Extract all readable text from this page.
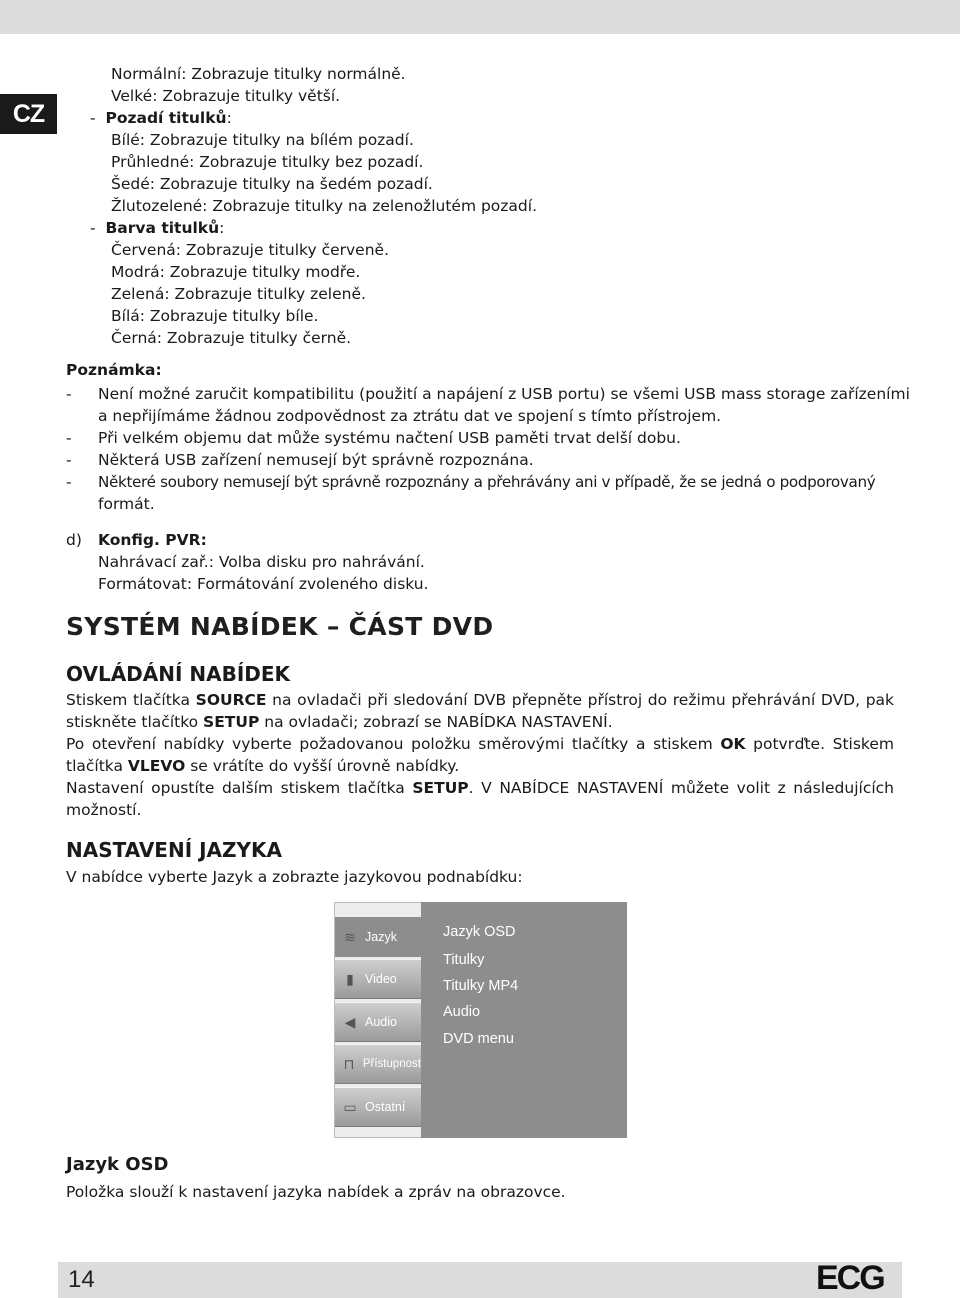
CZ
Normální: Zobrazuje titulky normálně.
Velké: Zobrazuje titulky větší.
- Pozadí titulků:
Bílé: Zobrazuje titulky na bílém pozadí.
Průhledné: Zobrazuje titulky bez pozadí.
Šedé: Zobrazuje titulky na šedém pozadí.
Žlutozelené: Zobrazuje titulky na zelenožlutém pozadí.
- Barva titulků:
Červená: Zobrazuje titulky červeně.
Modrá: Zobrazuje titulky modře.
Zelená: Zobrazuje titulky zeleně.
Bílá: Zobrazuje titulky bíle.
Černá: Zobrazuje titulky černě.
Poznámka:
- Není možné zaručit kompatibilitu (použití a napájení z USB portu) se všemi USB mass storage zařízeními
a nepřijímáme žádnou zodpovědnost za ztrátu dat ve spojení s tímto přístrojem.
- Při velkém objemu dat může systému načtení USB paměti trvat delší dobu.
- Některá USB zařízení nemusejí být správně rozpoznána.
- Některé soubory nemusejí být správně rozpoznány a přehrávány ani v případě, že se jedná o podporovaný
formát.
d) Konfig. PVR:
Nahrávací zař.: Volba disku pro nahrávání.
Formátovat: Formátování zvoleného disku.
SYSTÉM NABÍDEK – ČÁST DVD
OVLÁDÁNÍ NABÍDEK
Stiskem tlačítka SOURCE na ovladači při sledování DVB přepněte přístroj do režimu přehrávání DVD, pak stiskněte tlačítko SETUP na ovladači; zobrazí se NABÍDKA NASTAVENÍ.
Po otevření nabídky vyberte požadovanou položku směrovými tlačítky a stiskem OK potvrďte. Stiskem tlačítka VLEVO se vrátíte do vyšší úrovně nabídky.
Nastavení opustíte dalším stiskem tlačítka SETUP. V NABÍDCE NASTAVENÍ můžete volit z následujících možností.
NASTAVENÍ JAZYKA
V nabídce vyberte Jazyk a zobrazte jazykovou podnabídku:
≋ Jazyk
▮ Video
◀ Audio
⊓ Přístupnost
▭ Ostatní
Jazyk OSD
Titulky
Titulky MP4
Audio
DVD menu
Jazyk OSD
Položka slouží k nastavení jazyka nabídek a zpráv na obrazovce.
14	ECG
